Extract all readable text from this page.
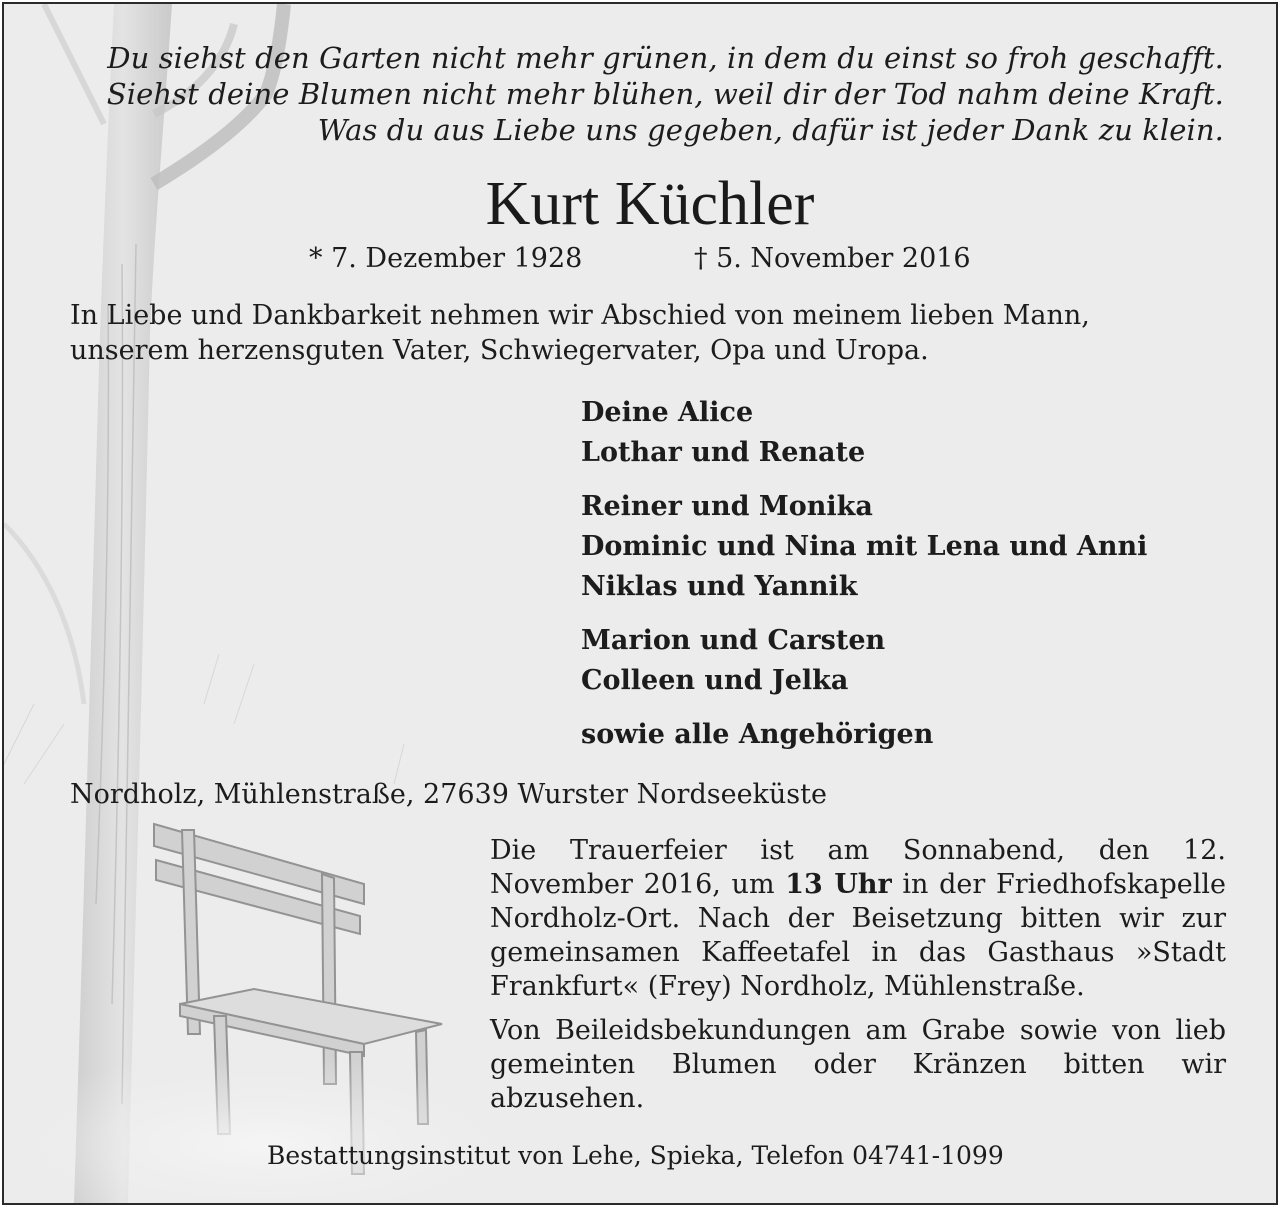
Du siehst den Garten nicht mehr grünen, in dem du einst so froh geschafft.
Siehst deine Blumen nicht mehr blühen, weil dir der Tod nahm deine Kraft.
Was du aus Liebe uns gegeben, dafür ist jeder Dank zu klein.
Kurt Küchler
* 7. Dezember 1928	† 5. November 2016
In Liebe und Dankbarkeit nehmen wir Abschied von meinem lieben Mann,
unserem herzensguten Vater, Schwiegervater, Opa und Uropa.
Deine Alice
Lothar und Renate
Reiner und Monika
Dominic und Nina mit Lena und Anni
Niklas und Yannik
Marion und Carsten
Colleen und Jelka
sowie alle Angehörigen
Nordholz, Mühlenstraße, 27639 Wurster Nordseeküste

Die Trauerfeier ist am Sonnabend, den 12. November 2016, um 13 Uhr in der Friedhofskapelle Nordholz-Ort. Nach der Beisetzung bitten wir zur gemeinsamen Kaffeetafel in das Gasthaus »Stadt Frankfurt« (Frey) Nordholz, Mühlenstraße.

Von Beileidsbekundungen am Grabe sowie von lieb gemeinten Blumen oder Kränzen bitten wir abzusehen.

Bestattungsinstitut von Lehe, Spieka, Telefon 04741-1099
